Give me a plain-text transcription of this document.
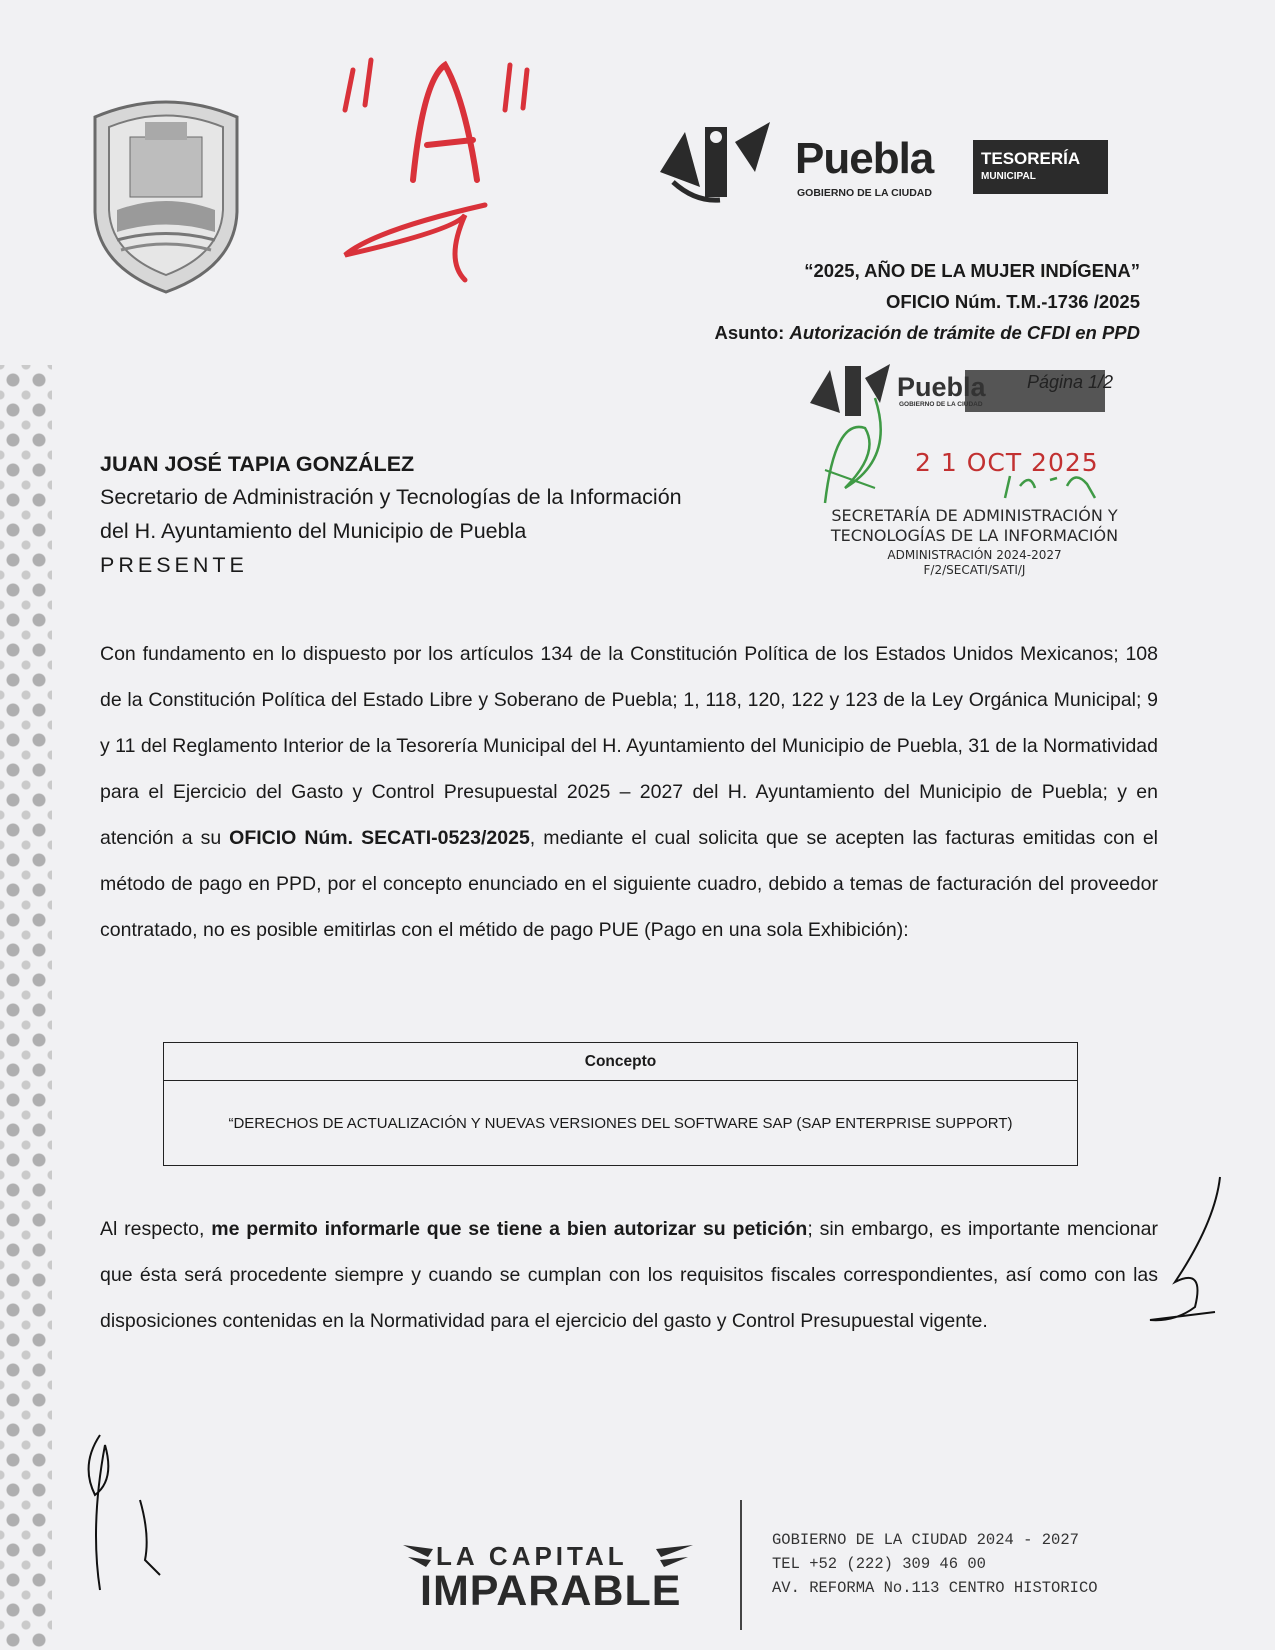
Puebla
GOBIERNO DE LA CIUDAD
TESORERÍA
MUNICIPAL
“2025, AÑO DE LA MUJER INDÍGENA”
OFICIO Núm. T.M.-1736 /2025
Asunto: Autorización de trámite de CFDI en PPD
Puebla
GOBIERNO DE LA CIUDAD
Página 1/2
2 1 OCT 2025
SECRETARÍA DE ADMINISTRACIÓN Y
TECNOLOGÍAS DE LA INFORMACIÓN
ADMINISTRACIÓN 2024-2027
F/2/SECATI/SATI/J
JUAN JOSÉ TAPIA GONZÁLEZ
Secretario de Administración y Tecnologías de la Información
del H. Ayuntamiento del Municipio de Puebla
PRESENTE
Con fundamento en lo dispuesto por los artículos 134 de la Constitución Política de los Estados Unidos Mexicanos; 108 de la Constitución Política del Estado Libre y Soberano de Puebla; 1, 118, 120, 122 y 123 de la Ley Orgánica Municipal; 9 y 11 del Reglamento Interior de la Tesorería Municipal del H. Ayuntamiento del Municipio de Puebla, 31 de la Normatividad para el Ejercicio del Gasto y Control Presupuestal 2025 – 2027 del H. Ayuntamiento del Municipio de Puebla; y en atención a su OFICIO Núm. SECATI-0523/2025, mediante el cual solicita que se acepten las facturas emitidas con el método de pago en PPD, por el concepto enunciado en el siguiente cuadro, debido a temas de facturación del proveedor contratado, no es posible emitirlas con el métido de pago PUE (Pago en una sola Exhibición):
Concepto
“DERECHOS DE ACTUALIZACIÓN Y NUEVAS VERSIONES DEL SOFTWARE SAP (SAP ENTERPRISE SUPPORT)
Al respecto, me permito informarle que se tiene a bien autorizar su petición; sin embargo, es importante mencionar que ésta será procedente siempre y cuando se cumplan con los requisitos fiscales correspondientes, así como con las disposiciones contenidas en la Normatividad para el ejercicio del gasto y Control Presupuestal vigente.
LA CAPITAL
IMPARABLE
GOBIERNO DE LA CIUDAD 2024 - 2027
TEL +52 (222) 309 46 00
AV. REFORMA No.113 CENTRO HISTORICO
